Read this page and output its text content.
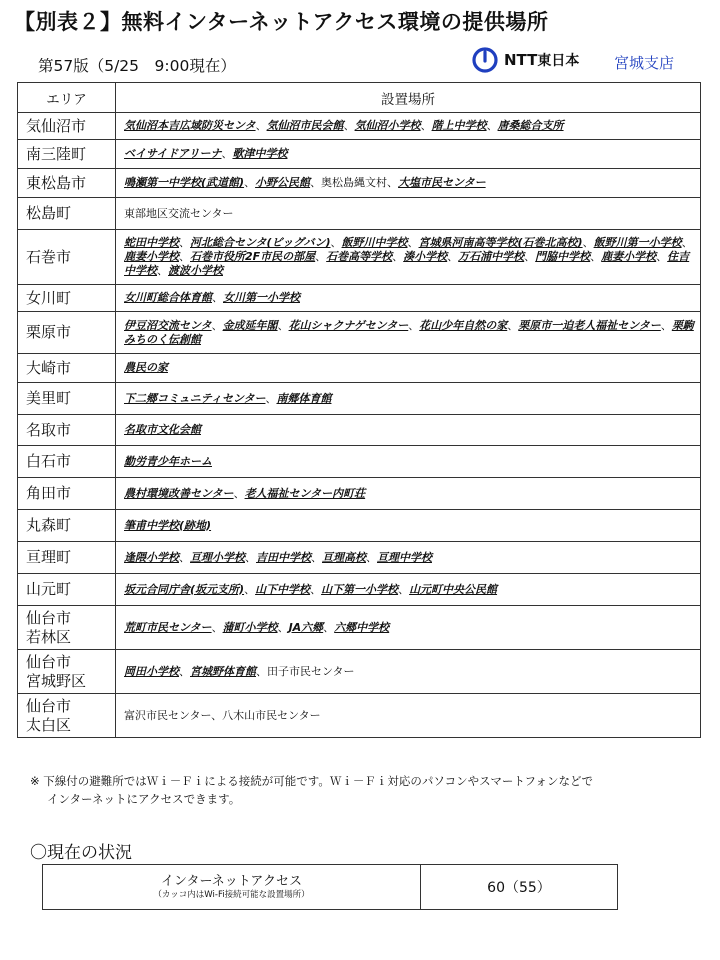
【別表２】無料インターネットアクセス環境の提供場所
第57版（5/25　9:00現在）	NTT 東日本 宮城支店
エリア	設置場所
気仙沼市	気仙沼本吉広域防災センタ、気仙沼市民会館、気仙沼小学校、階上中学校、唐桑総合支所
南三陸町	ベイサイドアリーナ、歌津中学校
東松島市	鳴瀬第一中学校(武道館)、小野公民館、奥松島縄文村、大塩市民センター
松島町	東部地区交流センター
石巻市	蛇田中学校、河北総合センタ(ビッグバン)、飯野川中学校、宮城県河南高等学校(石巻北高校)、飯野川第一小学校、鹿妻小学校、石巻市役所2F市民の部屋、石巻高等学校、湊小学校、万石浦中学校、門脇中学校、鹿妻小学校、住吉中学校、渡波小学校
女川町	女川町総合体育館、女川第一小学校
栗原市	伊豆沼交流センタ、金成延年閣、花山シャクナゲセンター、花山少年自然の家、栗原市一迫老人福祉センター、栗駒みちのく伝創館
大崎市	農民の家
美里町	下二郷コミュニティセンター、南郷体育館
名取市	名取市文化会館
白石市	勤労青少年ホーム
角田市	農村環境改善センター、老人福祉センター内町荘
丸森町	筆甫中学校(跡地)
亘理町	逢隈小学校、亘理小学校、吉田中学校、亘理高校、亘理中学校
山元町	坂元合同庁舎(坂元支所)、山下中学校、山下第一小学校、山元町中央公民館
仙台市
若林区	荒町市民センター、蒲町小学校、JA六郷、六郷中学校
仙台市
宮城野区	岡田小学校、宮城野体育館、田子市民センター
仙台市
太白区	富沢市民センター、八木山市民センター
※ 下線付の避難所ではＷｉ－Ｆｉによる接続が可能です。Ｗｉ－Ｆｉ対応のパソコンやスマートフォンなどで
インターネットにアクセスできます。
〇現在の状況
インターネットアクセス
（カッコ内はWi-Fi接続可能な設置場所）	60（55）
